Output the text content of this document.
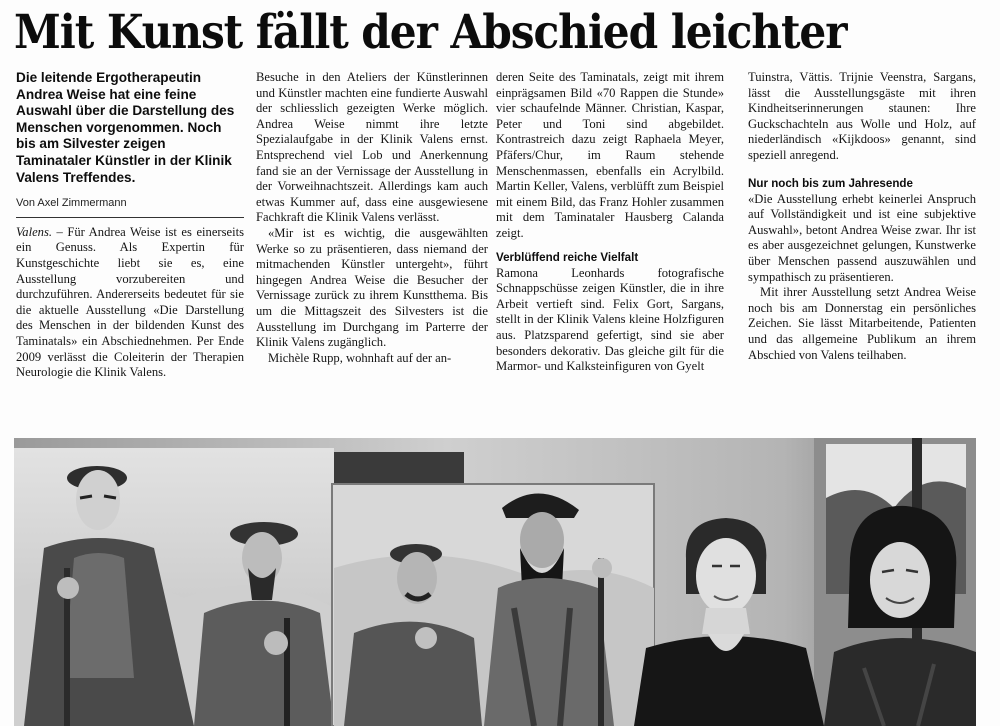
Mit Kunst fällt der Abschied leichter

Die leitende Ergotherapeutin Andrea Weise hat eine feine Auswahl über die Darstellung des Menschen vorgenommen. Noch bis am Silvester zeigen Taminataler Künstler in der Klinik Valens Treffendes.

Von Axel Zimmermann

Valens. – Für Andrea Weise ist es einerseits ein Genuss. Als Expertin für Kunstgeschichte liebt sie es, eine Ausstellung vorzubereiten und durchzuführen. Andererseits bedeutet für sie die aktuelle Ausstellung «Die Darstellung des Menschen in der bildenden Kunst des Taminatals» ein Abschiednehmen. Per Ende 2009 verlässt die Coleiterin der Therapien Neurologie die Klinik Valens.

Besuche in den Ateliers der Künstlerinnen und Künstler machten eine fundierte Auswahl der schliesslich gezeigten Werke möglich. Andrea Weise nimmt ihre letzte Spezialaufgabe in der Klinik Valens ernst. Entsprechend viel Lob und Anerkennung fand sie an der Vernissage der Ausstellung in der Vorweihnachtszeit. Allerdings kam auch etwas Kummer auf, dass eine ausgewiesene Fachkraft die Klinik Valens verlässt.

«Mir ist es wichtig, die ausgewählten Werke so zu präsentieren, dass niemand der mitmachenden Künstler untergeht», führt hingegen Andrea Weise die Besucher der Vernissage zurück zu ihrem Kunstthema. Bis um die Mittagszeit des Silvesters ist die Ausstellung im Durchgang im Parterre der Klinik Valens zugänglich.

Michèle Rupp, wohnhaft auf der an-

deren Seite des Taminatals, zeigt mit ihrem einprägsamen Bild «70 Rappen die Stunde» vier schaufelnde Männer. Christian, Kaspar, Peter und Toni sind abgebildet. Kontrastreich dazu zeigt Raphaela Meyer, Pfäfers/Chur, im Raum stehende Menschenmassen, ebenfalls ein Acrylbild. Martin Keller, Valens, verblüfft zum Beispiel mit einem Bild, das Franz Hohler zusammen mit dem Taminataler Hausberg Calanda zeigt.

Verblüffend reiche Vielfalt

Ramona Leonhards fotografische Schnappschüsse zeigen Künstler, die in ihre Arbeit vertieft sind. Felix Gort, Sargans, stellt in der Klinik Valens kleine Holzfiguren aus. Platzsparend gefertigt, sind sie aber besonders dekorativ. Das gleiche gilt für die Marmor- und Kalksteinfiguren von Gyelt

Tuinstra, Vättis. Trijnie Veenstra, Sargans, lässt die Ausstellungsgäste mit ihren Kindheitserinnerungen staunen: Ihre Guckschachteln aus Wolle und Holz, auf niederländisch «Kijkdoos» genannt, sind speziell anregend.

Nur noch bis zum Jahresende

«Die Ausstellung erhebt keinerlei Anspruch auf Vollständigkeit und ist eine subjektive Auswahl», betont Andrea Weise zwar. Ihr ist es aber ausgezeichnet gelungen, Kunstwerke über Menschen passend auszuwählen und sympathisch zu präsentieren.

Mit ihrer Ausstellung setzt Andrea Weise noch bis am Donnerstag ein persönliches Zeichen. Sie lässt Mitarbeitende, Patienten und das allgemeine Publikum an ihrem Abschied von Valens teilhaben.
